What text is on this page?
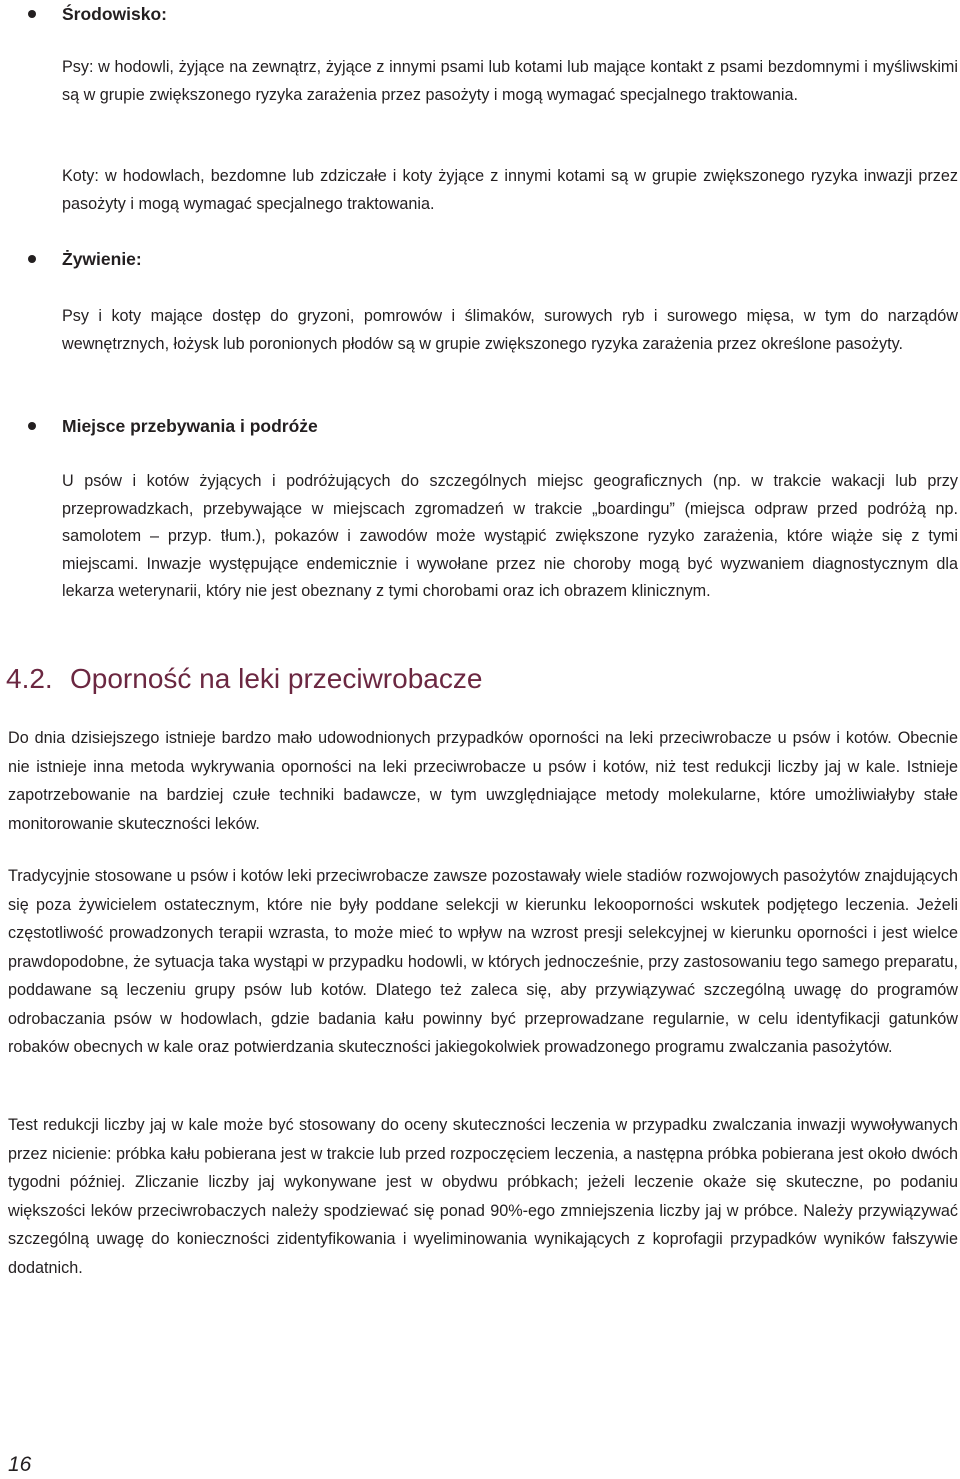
Środowisko:

Psy: w hodowli, żyjące na zewnątrz, żyjące z innymi psami lub kotami lub mające kontakt z psami bezdomnymi i myśliwskimi są w grupie zwiększonego ryzyka zarażenia przez pasożyty i mogą wymagać specjalnego traktowania.

Koty: w hodowlach, bezdomne lub zdziczałe i koty żyjące z innymi kotami są w grupie zwiększonego ryzyka inwazji przez pasożyty i mogą wymagać specjalnego traktowania.

Żywienie:

Psy i koty mające dostęp do gryzoni, pomrowów i ślimaków, surowych ryb i surowego mięsa, w tym do narządów wewnętrznych, łożysk lub poronionych płodów są w grupie zwiększonego ryzyka zarażenia przez określone pasożyty.

Miejsce przebywania i podróże

U psów i kotów żyjących i podróżujących do szczególnych miejsc geograficznych (np. w trakcie wakacji lub przy przeprowadzkach, przebywające w miejscach zgromadzeń w trakcie „boardingu” (miejsca odpraw przed podróżą np. samolotem – przyp. tłum.), pokazów i zawodów może wystąpić zwiększone ryzyko zarażenia, które wiąże się z tymi miejscami. Inwazje występujące endemicznie i wywołane przez nie choroby mogą być wyzwaniem diagnostycznym dla lekarza weterynarii, który nie jest obeznany z tymi chorobami oraz ich obrazem klinicznym.

4.2. Oporność na leki przeciwrobacze

Do dnia dzisiejszego istnieje bardzo mało udowodnionych przypadków oporności na leki przeciwrobacze u psów i kotów. Obecnie nie istnieje inna metoda wykrywania oporności na leki przeciwrobacze u psów i kotów, niż test redukcji liczby jaj w kale. Istnieje zapotrzebowanie na bardziej czułe techniki badawcze, w tym uwzględniające metody molekularne, które umożliwiałyby stałe monitorowanie skuteczności leków.

Tradycyjnie stosowane u psów i kotów leki przeciwrobacze zawsze pozostawały wiele stadiów rozwojowych pasożytów znajdujących się poza żywicielem ostatecznym, które nie były poddane selekcji w kierunku lekooporności wskutek podjętego leczenia. Jeżeli częstotliwość prowadzonych terapii wzrasta, to może mieć to wpływ na wzrost presji selekcyjnej w kierunku oporności i jest wielce prawdopodobne, że sytuacja taka wystąpi w przypadku hodowli, w których jednocześnie, przy zastosowaniu tego samego preparatu, poddawane są leczeniu grupy psów lub kotów. Dlatego też zaleca się, aby przywiązywać szczególną uwagę do programów odrobaczania psów w hodowlach, gdzie badania kału powinny być przeprowadzane regularnie, w celu identyfikacji gatunków robaków obecnych w kale oraz potwierdzania skuteczności jakiegokolwiek prowadzonego programu zwalczania pasożytów.

Test redukcji liczby jaj w kale może być stosowany do oceny skuteczności leczenia w przypadku zwalczania inwazji wywoływanych przez nicienie: próbka kału pobierana jest w trakcie lub przed rozpoczęciem leczenia, a następna próbka pobierana jest około dwóch tygodni później. Zliczanie liczby jaj wykonywane jest w obydwu próbkach; jeżeli leczenie okaże się skuteczne, po podaniu większości leków przeciwrobaczych należy spodziewać się ponad 90%-ego zmniejszenia liczby jaj w próbce. Należy przywiązywać szczególną uwagę do konieczności zidentyfikowania i wyeliminowania wynikających z koprofagii przypadków wyników fałszywie dodatnich.

16
